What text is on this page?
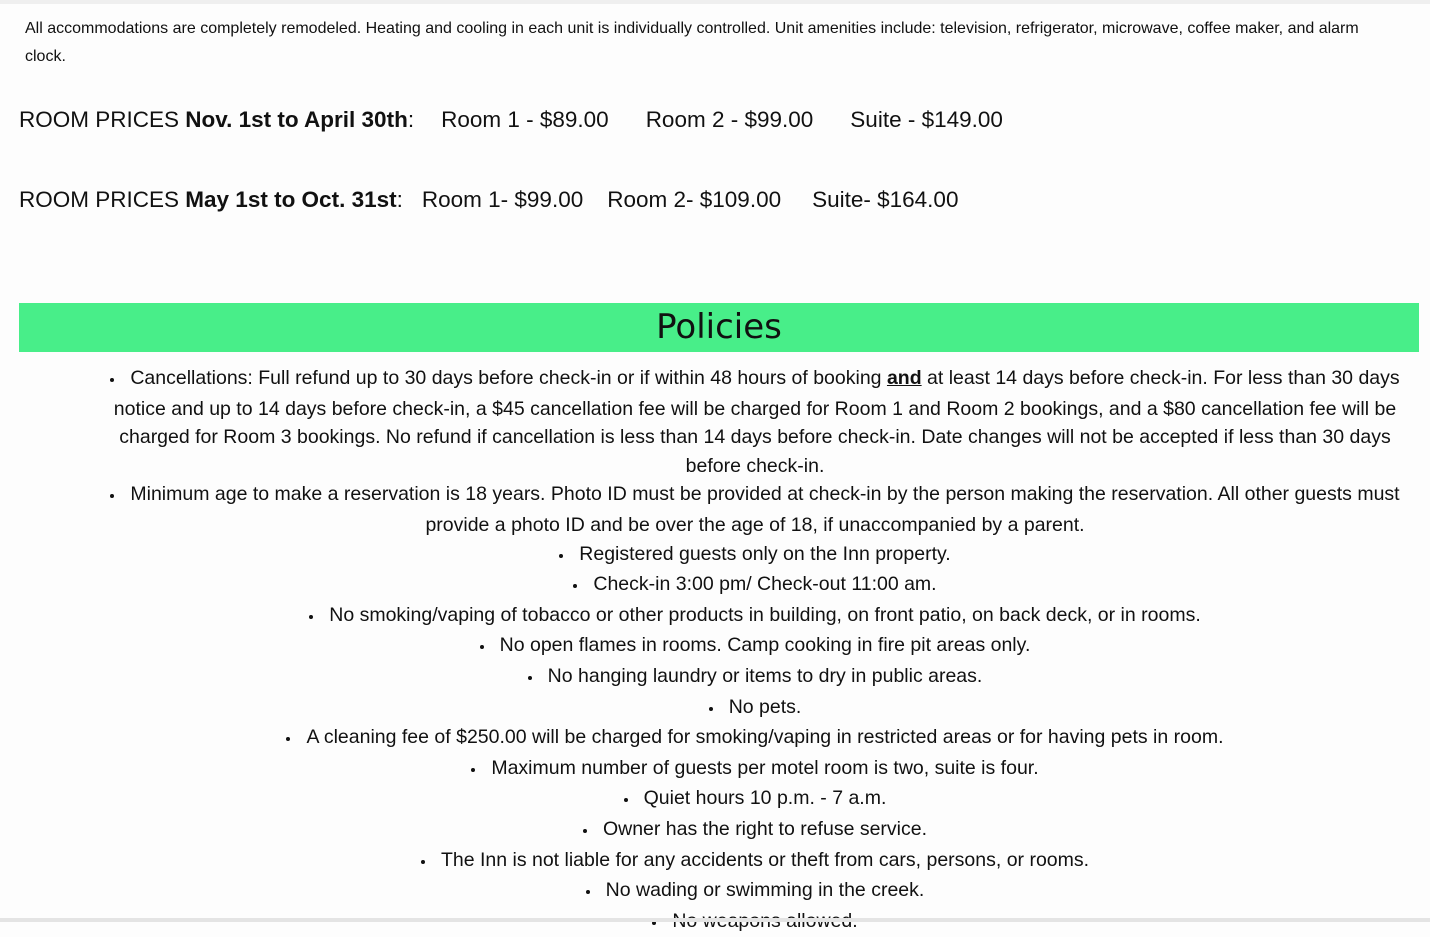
All accommodations are completely remodeled. Heating and cooling in each unit is individually controlled. Unit amenities include: television, refrigerator, microwave, coffee maker, and alarm clock.

ROOM PRICES Nov. 1st to April 30th: Room 1 - $89.00 Room 2 - $99.00 Suite - $149.00

ROOM PRICES May 1st to Oct. 31st: Room 1- $99.00 Room 2- $109.00 Suite- $164.00

Policies
• Cancellations: Full refund up to 30 days before check-in or if within 48 hours of booking and at least 14 days before check-in. For less than 30 days notice and up to 14 days before check-in, a $45 cancellation fee will be charged for Room 1 and Room 2 bookings, and a $80 cancellation fee will be charged for Room 3 bookings. No refund if cancellation is less than 14 days before check-in. Date changes will not be accepted if less than 30 days before check-in.
• Minimum age to make a reservation is 18 years. Photo ID must be provided at check-in by the person making the reservation. All other guests must provide a photo ID and be over the age of 18, if unaccompanied by a parent.
• Registered guests only on the Inn property.
• Check-in 3:00 pm/ Check-out 11:00 am.
• No smoking/vaping of tobacco or other products in building, on front patio, on back deck, or in rooms.
• No open flames in rooms. Camp cooking in fire pit areas only.
• No hanging laundry or items to dry in public areas.
• No pets.
• A cleaning fee of $250.00 will be charged for smoking/vaping in restricted areas or for having pets in room.
• Maximum number of guests per motel room is two, suite is four.
• Quiet hours 10 p.m. - 7 a.m.
• Owner has the right to refuse service.
• The Inn is not liable for any accidents or theft from cars, persons, or rooms.
• No wading or swimming in the creek.
•
